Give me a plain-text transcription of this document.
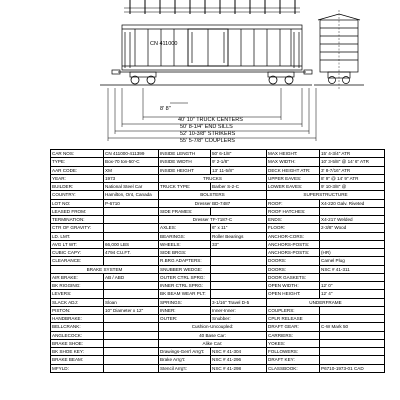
CN 411000
8' 8"
40' 10" TRUCK CENTERS
50' 8-1/4" END SILLS
52' 10-3/8" STRIKERS
55' 5-7/8" COUPLERS
CAR NOS:	CN 411000-411399	INSIDE LENGTH	50' 6-1/8"	MAX HEIGHT:	15' 4-3/4" ATR
TYPE:	Box-70 ton-50'-C	INSIDE WIDTH	9' 2-1/8"	MAX WIDTH:	10' 3-5/8" @ 14' 6" ATR
AAR CODE:	XM	INSIDE HEIGHT	13' 11-5/8"	DECK HEIGHT ATR:	3' 8-7/16" ATR
YEAR:	1973	TRUCKS		UPPER EAVES:	8' 9" @ 14' 9" ATR
BUILDER:	National Steel Car	TRUCK TYPE:	Barber S-2-C	LOWER EAVES:	9' 10-3/8" @
COUNTRY:	Hamilton, Ont, Canada	BOLSTERS		SUPERSTRUCTURE	
LOT NO:	P-6710	Dresser BD-7487		ROOF:	X4-220 Galv. Riveted
LEASED FROM:		SIDE FRAMES:		ROOF HATCHES:	
TERMINATION:		Dresser TF-7187-C		ENDS:	X4-217 Welded
CTR OF GRAVITY:		AXLES:	6" x 11"	FLOOR:	2-3/8" Wood
LD. LMT.		BEARINGS:	Roller Bearings	ANCHOR-CORS:	
AVG LT WT:	66,000 LBS	WHEELS:	33"	ANCHORS-POSTS:	
CUBIC CAPY:	4794 CU.FT.	SIDE BRGS:		ANCHORS-POSTS:	(HR)
CLEARANCE:		R.BRG ADAPTERS:		DOORS:	Camel Plug
BRAKE SYSTEM		SNUBBER WEDGE:		DOORS:	NSC # 41-311
AIR BRAKE:	AB / ABD	OUTER CTRL SPRG:		DOOR GASKETS:	
BK RIGGING:		INNER CTRL SPRG:		OPEN WIDTH:	12' 0"
LEVERS:		BK BEAM WEAR PLT:		OPEN HEIGHT:	12' 4"
SLACK ADJ:	Sloan	SPRINGS:	3-1/16" Travel D-5	UNDERFRAME	
PISTON:	10" Diameter x 12"	INNER:	Inner-Inner:	COUPLERS:	
HANDBRAKE:		OUTER:	Snubber:	CPLR RELEASE	
BELLCRANK:		Cushion-Uncoupled:		DRAFT GEAR:	C-W Mark 50
ANGLECOCK:		40 Base Car:		CARRIERS:	
BRAKE SHOE:		Alike Car:		YOKES:	
BK SHOE KEY:		Drawings-Gen'l Arrg't:	NSC # 41-304	FOLLOWERS:	
BRAKE BEAM:		Brake Arrg't:	NSC # 41-296	DRAFT KEY:	
MFYLD:		Stencil Arrg't:	NSC # 41-298	CLASSBOOK:	P6710-1973-01 CAD
